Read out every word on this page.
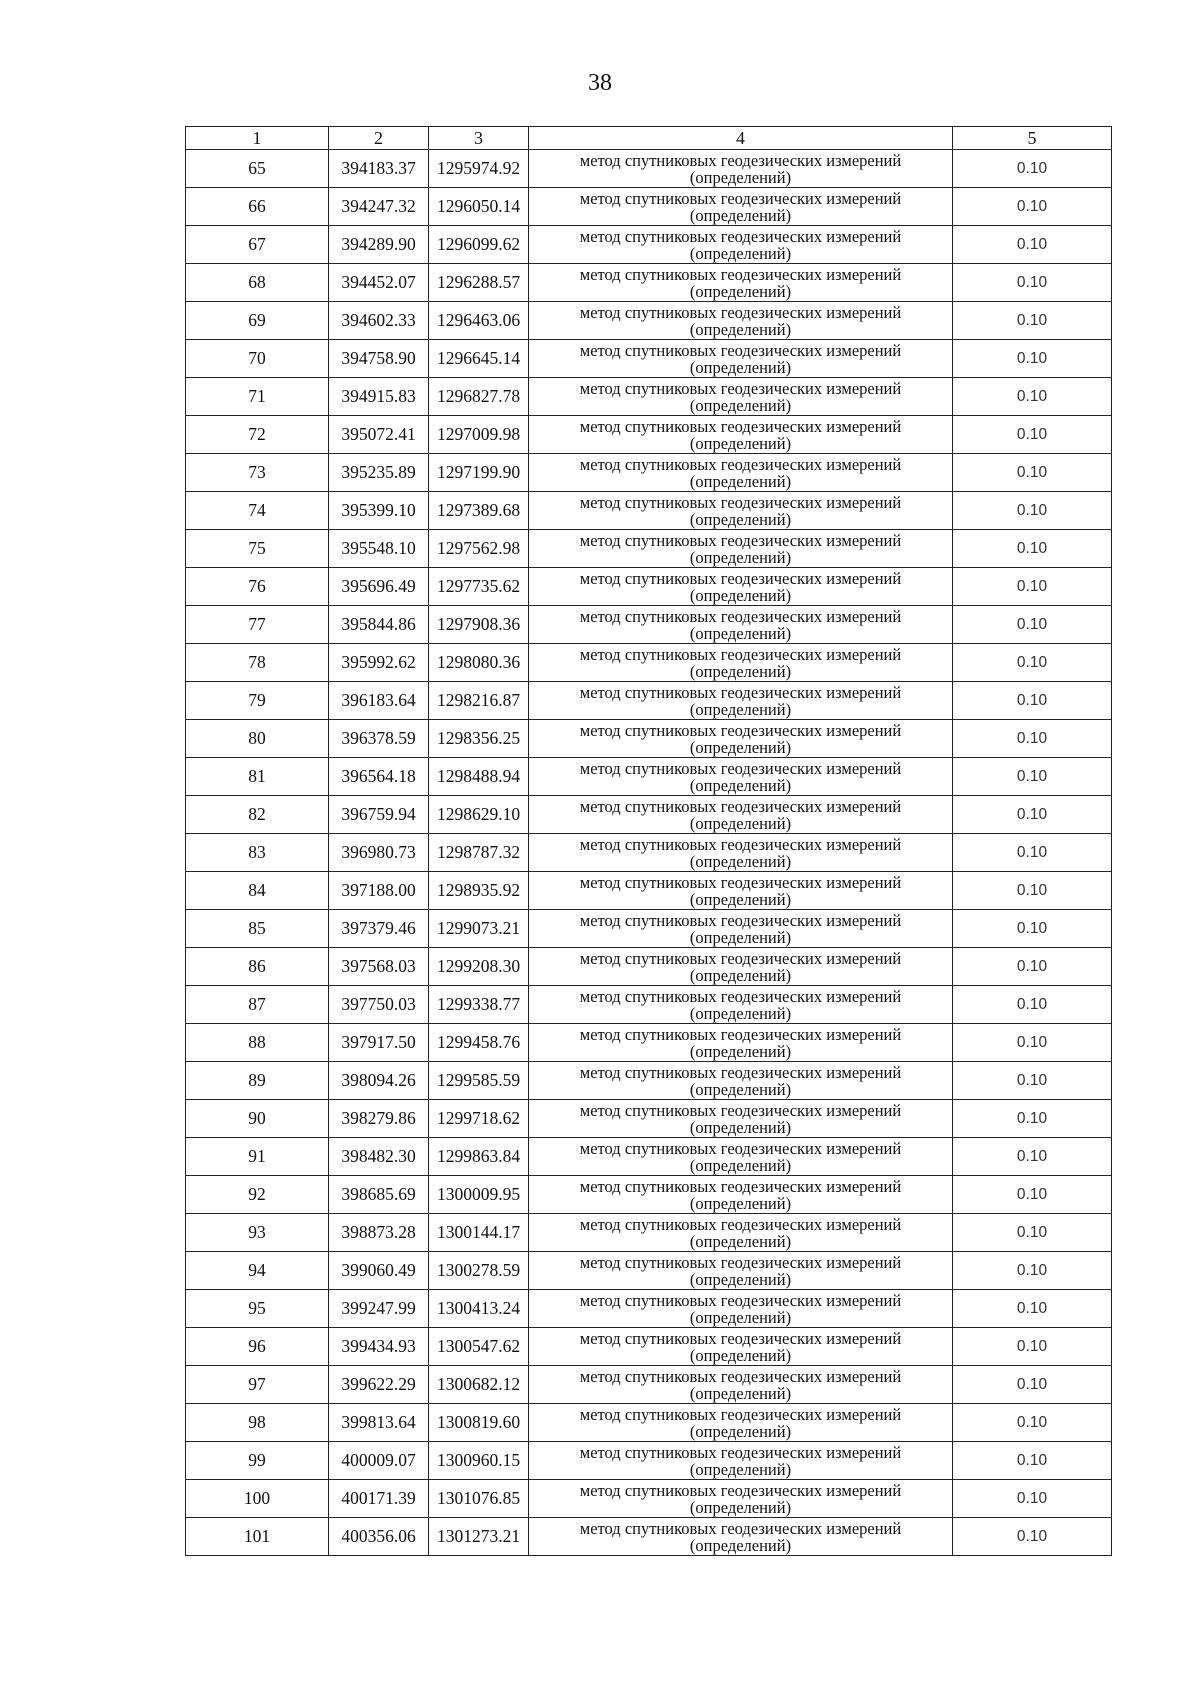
38
1	2	3	4	5
65	394183.37	1295974.92	метод спутниковых геодезических измерений
(определений)	0.10
66	394247.32	1296050.14	метод спутниковых геодезических измерений
(определений)	0.10
67	394289.90	1296099.62	метод спутниковых геодезических измерений
(определений)	0.10
68	394452.07	1296288.57	метод спутниковых геодезических измерений
(определений)	0.10
69	394602.33	1296463.06	метод спутниковых геодезических измерений
(определений)	0.10
70	394758.90	1296645.14	метод спутниковых геодезических измерений
(определений)	0.10
71	394915.83	1296827.78	метод спутниковых геодезических измерений
(определений)	0.10
72	395072.41	1297009.98	метод спутниковых геодезических измерений
(определений)	0.10
73	395235.89	1297199.90	метод спутниковых геодезических измерений
(определений)	0.10
74	395399.10	1297389.68	метод спутниковых геодезических измерений
(определений)	0.10
75	395548.10	1297562.98	метод спутниковых геодезических измерений
(определений)	0.10
76	395696.49	1297735.62	метод спутниковых геодезических измерений
(определений)	0.10
77	395844.86	1297908.36	метод спутниковых геодезических измерений
(определений)	0.10
78	395992.62	1298080.36	метод спутниковых геодезических измерений
(определений)	0.10
79	396183.64	1298216.87	метод спутниковых геодезических измерений
(определений)	0.10
80	396378.59	1298356.25	метод спутниковых геодезических измерений
(определений)	0.10
81	396564.18	1298488.94	метод спутниковых геодезических измерений
(определений)	0.10
82	396759.94	1298629.10	метод спутниковых геодезических измерений
(определений)	0.10
83	396980.73	1298787.32	метод спутниковых геодезических измерений
(определений)	0.10
84	397188.00	1298935.92	метод спутниковых геодезических измерений
(определений)	0.10
85	397379.46	1299073.21	метод спутниковых геодезических измерений
(определений)	0.10
86	397568.03	1299208.30	метод спутниковых геодезических измерений
(определений)	0.10
87	397750.03	1299338.77	метод спутниковых геодезических измерений
(определений)	0.10
88	397917.50	1299458.76	метод спутниковых геодезических измерений
(определений)	0.10
89	398094.26	1299585.59	метод спутниковых геодезических измерений
(определений)	0.10
90	398279.86	1299718.62	метод спутниковых геодезических измерений
(определений)	0.10
91	398482.30	1299863.84	метод спутниковых геодезических измерений
(определений)	0.10
92	398685.69	1300009.95	метод спутниковых геодезических измерений
(определений)	0.10
93	398873.28	1300144.17	метод спутниковых геодезических измерений
(определений)	0.10
94	399060.49	1300278.59	метод спутниковых геодезических измерений
(определений)	0.10
95	399247.99	1300413.24	метод спутниковых геодезических измерений
(определений)	0.10
96	399434.93	1300547.62	метод спутниковых геодезических измерений
(определений)	0.10
97	399622.29	1300682.12	метод спутниковых геодезических измерений
(определений)	0.10
98	399813.64	1300819.60	метод спутниковых геодезических измерений
(определений)	0.10
99	400009.07	1300960.15	метод спутниковых геодезических измерений
(определений)	0.10
100	400171.39	1301076.85	метод спутниковых геодезических измерений
(определений)	0.10
101	400356.06	1301273.21	метод спутниковых геодезических измерений
(определений)	0.10
